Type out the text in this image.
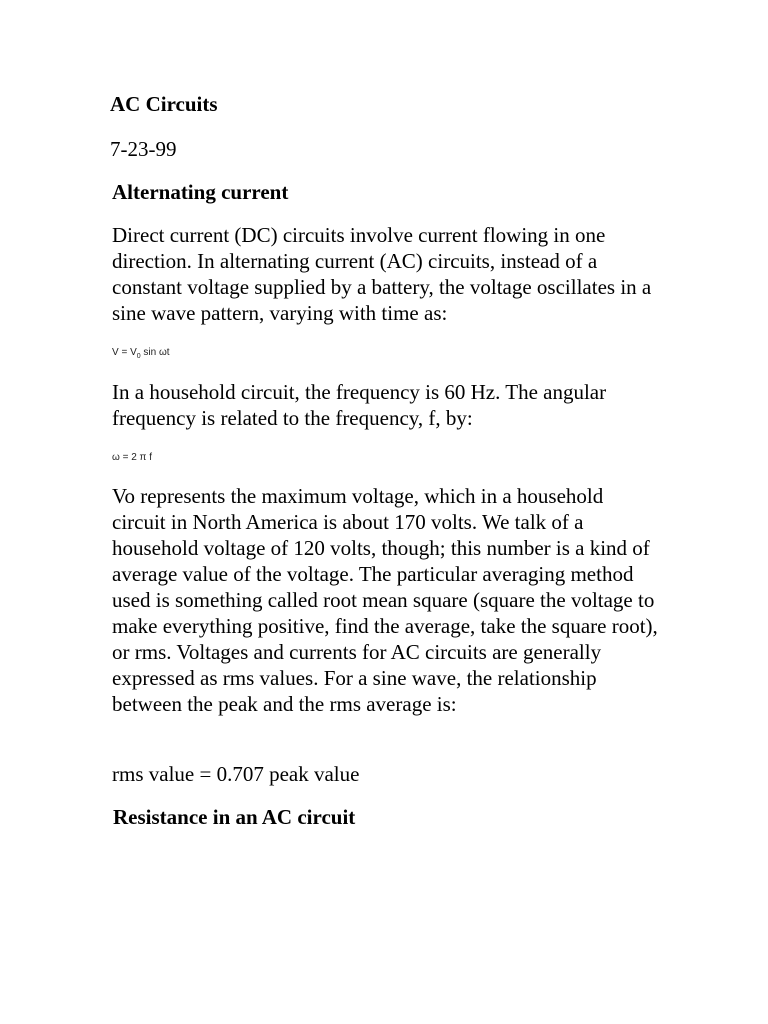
AC Circuits
7-23-99
Alternating current

Direct current (DC) circuits involve current flowing in one direction. In alternating current (AC) circuits, instead of a constant voltage supplied by a battery, the voltage oscillates in a sine wave pattern, varying with time as:

$V = V_0$ sin ωt

In a household circuit, the frequency is 60 Hz. The angular frequency is related to the frequency, f, by:

ω = 2 π f

Vo represents the maximum voltage, which in a household circuit in North America is about 170 volts. We talk of a household voltage of 120 volts, though; this number is a kind of average value of the voltage. The particular averaging method used is something called root mean square (square the voltage to make everything positive, find the average, take the square root), or rms. Voltages and currents for AC circuits are generally expressed as rms values. For a sine wave, the relationship between the peak and the rms average is:

rms value = 0.707 peak value
Resistance in an AC circuit
